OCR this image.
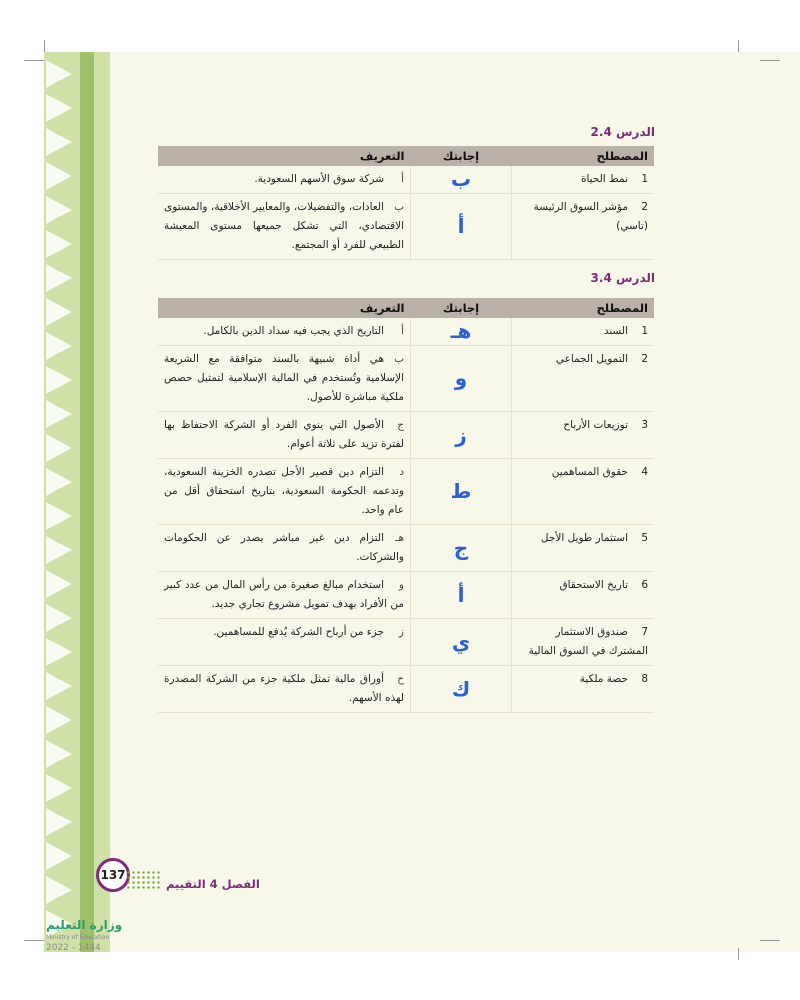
الدرس 2.4
المصطلح	إجابتك	التعريف
1نمط الحياة	ب	أشركة سوق الأسهم السعودية.
2مؤشر السوق الرئيسة (تاسي)	أ	بالعادات، والتفضيلات، والمعايير الأخلاقية، والمستوى الاقتصادي، التي تشكل جميعها مستوى المعيشة الطبيعي للفرد أو المجتمع.
الدرس 3.4
المصطلح	إجابتك	التعريف
1السند	هـ	أالتاريخ الذي يجب فيه سداد الدين بالكامل.
2التمويل الجماعي	و	بهي أداة شبيهة بالسند متوافقة مع الشريعة الإسلامية وتُستخدم في المالية الإسلامية لتمثيل حصص ملكية مباشرة للأصول.
3توزيعات الأرباح	ز	جالأصول التي ينوي الفرد أو الشركة الاحتفاظ بها لفترة تزيد على ثلاثة أعوام.
4حقوق المساهمين	ط	دالتزام دين قصير الأجل تصدره الخزينة السعودية، وتدعمه الحكومة السعودية، بتاريخ استحقاق أقل من عام واحد.
5استثمار طويل الأجل	ج	هـالتزام دين غير مباشر يصدر عن الحكومات والشركات.
6تاريخ الاستحقاق	أ	واستخدام مبالغ صغيرة من رأس المال من عدد كبير من الأفراد بهدف تمويل مشروع تجاري جديد.
7صندوق الاستثمار المشترك في السوق المالية	ي	زجزء من أرباح الشركة يُدفع للمساهمين.
8حصة ملكية	ك	حأوراق مالية تمثل ملكية جزء من الشركة المصدرة لهذه الأسهم.
137
الفصل 4 التقييم
وزارة التعليم
Ministry of Education
2022 - 1444
